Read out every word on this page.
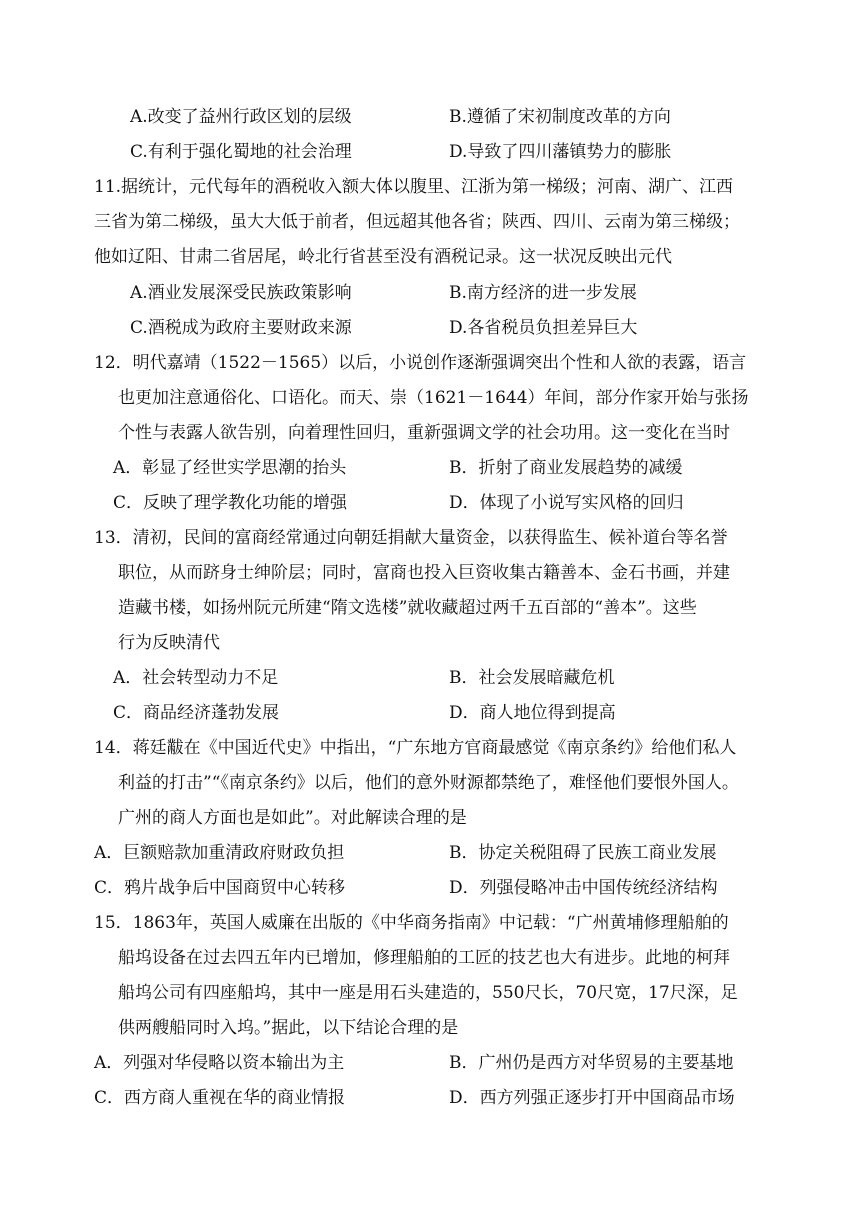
A.改变了益州行政区划的层级	B.遵循了宋初制度改革的方向
C.有利于强化蜀地的社会治理	D.导致了四川藩镇势力的膨胀
11.据统计，元代每年的酒税收入额大体以腹里、江浙为第一梯级；河南、湖广、江西
三省为第二梯级，虽大大低于前者，但远超其他各省；陕西、四川、云南为第三梯级；
他如辽阳、甘肃二省居尾，岭北行省甚至没有酒税记录。这一状况反映出元代
A.酒业发展深受民族政策影响	B.南方经济的进一步发展
C.酒税成为政府主要财政来源	D.各省税员负担差异巨大
12．明代嘉靖（1522－1565）以后，小说创作逐渐强调突出个性和人欲的表露，语言
也更加注意通俗化、口语化。而天、崇（1621－1644）年间，部分作家开始与张扬
个性与表露人欲告别，向着理性回归，重新强调文学的社会功用。这一变化在当时
A．彰显了经世实学思潮的抬头	B．折射了商业发展趋势的减缓
C．反映了理学教化功能的增强	D．体现了小说写实风格的回归
13．清初，民间的富商经常通过向朝廷捐献大量资金，以获得监生、候补道台等名誉
职位，从而跻身士绅阶层；同时，富商也投入巨资收集古籍善本、金石书画，并建
造藏书楼，如扬州阮元所建“隋文选楼”就收藏超过两千五百部的“善本”。这些
行为反映清代
A．社会转型动力不足	B．社会发展暗藏危机
C．商品经济蓬勃发展	D．商人地位得到提高
14．蒋廷黻在《中国近代史》中指出，“广东地方官商最感觉《南京条约》给他们私人
利益的打击”“《南京条约》以后，他们的意外财源都禁绝了，难怪他们要恨外国人。
广州的商人方面也是如此”。对此解读合理的是
A．巨额赔款加重清政府财政负担	B．协定关税阻碍了民族工商业发展
C．鸦片战争后中国商贸中心转移	D．列强侵略冲击中国传统经济结构
15．1863年，英国人威廉在出版的《中华商务指南》中记载：“广州黄埔修理船舶的
船坞设备在过去四五年内已增加，修理船舶的工匠的技艺也大有进步。此地的柯拜
船坞公司有四座船坞，其中一座是用石头建造的，550尺长，70尺宽，17尺深，足
供两艘船同时入坞。”据此，以下结论合理的是
A．列强对华侵略以资本输出为主	B．广州仍是西方对华贸易的主要基地
C．西方商人重视在华的商业情报	D．西方列强正逐步打开中国商品市场
